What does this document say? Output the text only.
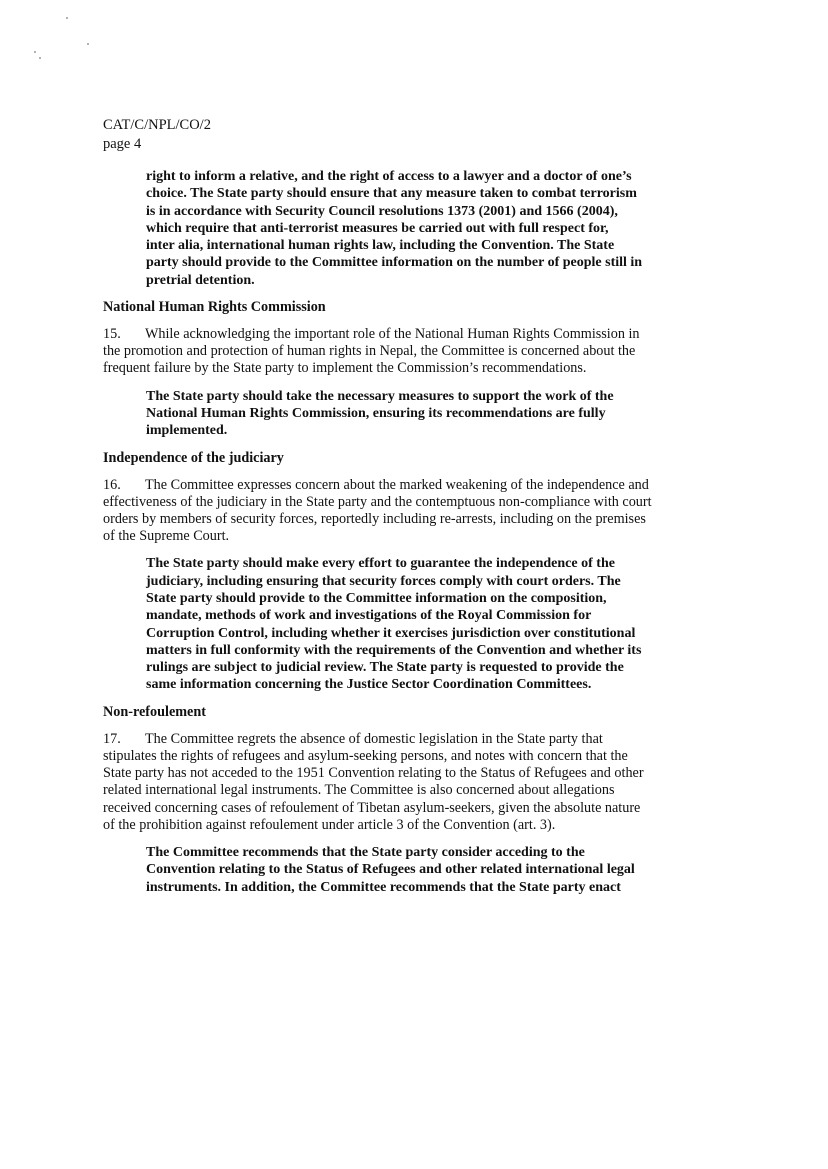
CAT/C/NPL/CO/2
page 4
right to inform a relative, and the right of access to a lawyer and a doctor of one’s
choice. The State party should ensure that any measure taken to combat terrorism
is in accordance with Security Council resolutions 1373 (2001) and 1566 (2004),
which require that anti-terrorist measures be carried out with full respect for,
inter alia, international human rights law, including the Convention. The State
party should provide to the Committee information on the number of people still in
pretrial detention.
National Human Rights Commission
15. While acknowledging the important role of the National Human Rights Commission in
the promotion and protection of human rights in Nepal, the Committee is concerned about the
frequent failure by the State party to implement the Commission’s recommendations.
The State party should take the necessary measures to support the work of the
National Human Rights Commission, ensuring its recommendations are fully
implemented.
Independence of the judiciary
16. The Committee expresses concern about the marked weakening of the independence and
effectiveness of the judiciary in the State party and the contemptuous non-compliance with court
orders by members of security forces, reportedly including re-arrests, including on the premises
of the Supreme Court.
The State party should make every effort to guarantee the independence of the
judiciary, including ensuring that security forces comply with court orders. The
State party should provide to the Committee information on the composition,
mandate, methods of work and investigations of the Royal Commission for
Corruption Control, including whether it exercises jurisdiction over constitutional
matters in full conformity with the requirements of the Convention and whether its
rulings are subject to judicial review. The State party is requested to provide the
same information concerning the Justice Sector Coordination Committees.
Non-refoulement
17. The Committee regrets the absence of domestic legislation in the State party that
stipulates the rights of refugees and asylum-seeking persons, and notes with concern that the
State party has not acceded to the 1951 Convention relating to the Status of Refugees and other
related international legal instruments. The Committee is also concerned about allegations
received concerning cases of refoulement of Tibetan asylum-seekers, given the absolute nature
of the prohibition against refoulement under article 3 of the Convention (art. 3).
The Committee recommends that the State party consider acceding to the
Convention relating to the Status of Refugees and other related international legal
instruments. In addition, the Committee recommends that the State party enact
